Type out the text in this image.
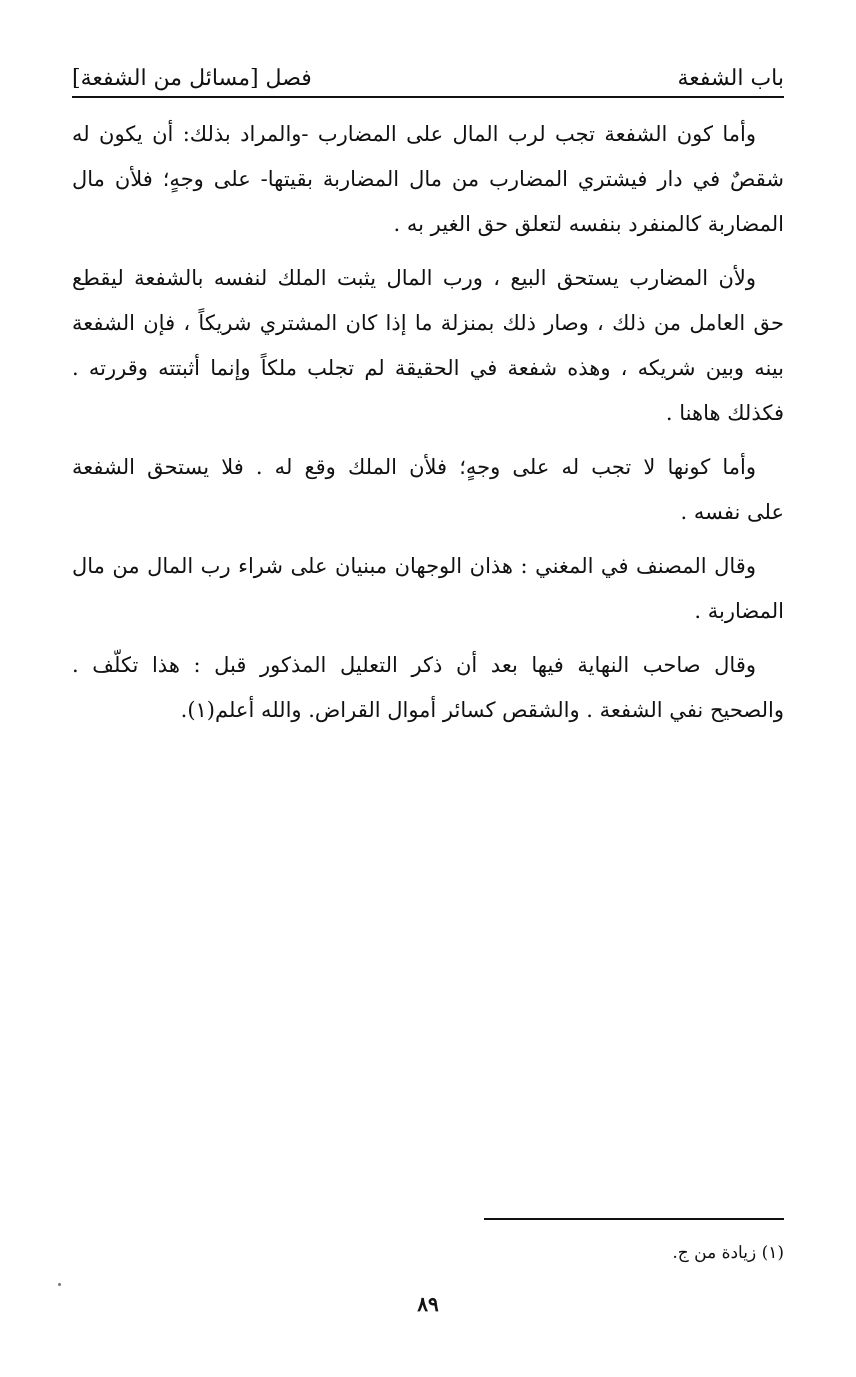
باب الشفعة
فصل [مسائل من الشفعة]
وأما كون الشفعة تجب لرب المال على المضارب -والمراد بذلك: أن يكون له
شقصٌ في دار فيشتري المضارب من مال المضاربة بقيتها- على وجهٍ؛ فلأن مال
المضاربة كالمنفرد بنفسه لتعلق حق الغير به .
ولأن المضارب يستحق البيع ، ورب المال يثبت الملك لنفسه بالشفعة ليقطع
حق العامل من ذلك ، وصار ذلك بمنزلة ما إذا كان المشتري شريكاً ، فإن الشفعة
بينه وبين شريكه ، وهذه شفعة في الحقيقة لم تجلب ملكاً وإنما أثبتته وقررته .
فكذلك هاهنا .
وأما كونها لا تجب له على وجهٍ؛ فلأن الملك وقع له . فلا يستحق الشفعة
على نفسه .
وقال المصنف في المغني : هذان الوجهان مبنيان على شراء رب المال من مال
المضاربة .
وقال صاحب النهاية فيها بعد أن ذكر التعليل المذكور قبل : هذا تكلّف .
والصحيح نفي الشفعة . والشقص كسائر أموال القراض. والله أعلم(١).
(١) زيادة من ج.
٨٩
